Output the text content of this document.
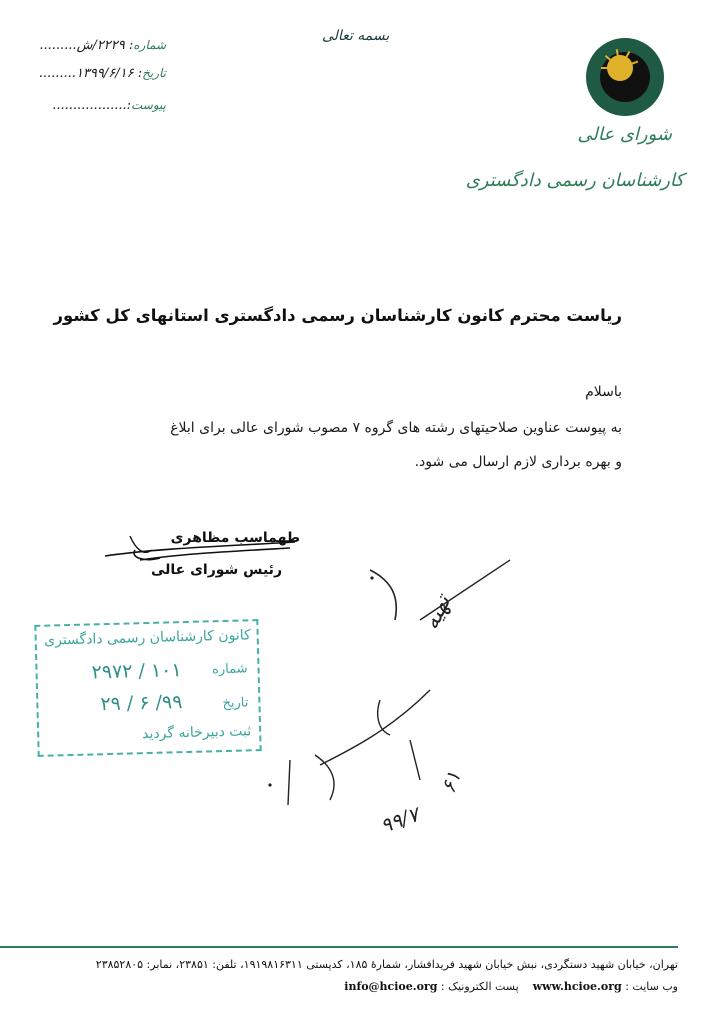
بسمه تعالی
شماره: ۲۲۲۹/ش.........
تاریخ: ۱۳۹۹/۶/۱۶.........
پیوست:..................
شورای عالی
کارشناسان رسمی دادگستری
ریاست محترم کانون کارشناسان رسمی دادگستری استانهای کل کشور
باسلام
به پیوست عناوین صلاحیتهای رشته های گروه ۷ مصوب شورای عالی برای ابلاغ
و بهره برداری لازم ارسال می شود.
طهماسب مظاهری
رئیس شورای عالی
کانون کارشناسان رسمی دادگستری
شماره
۱۰۱ / ۲۹۷۲
تاریخ
۹۹/ ۶ / ۲۹
ثبت دبیرخانه گردید
تهیه
۹۹/۷
۶۱
تهران، خیابان شهید دستگردی، نبش خیابان شهید فریدافشار، شمارهٔ ۱۸۵، کدپستی ۱۹۱۹۸۱۶۳۱۱، تلفن: ۲۳۸۵۱، نمابر: ۲۳۸۵۲۸۰۵
وب سایت : www.hcioe.org    پست الکترونیک : info@hcioe.org
